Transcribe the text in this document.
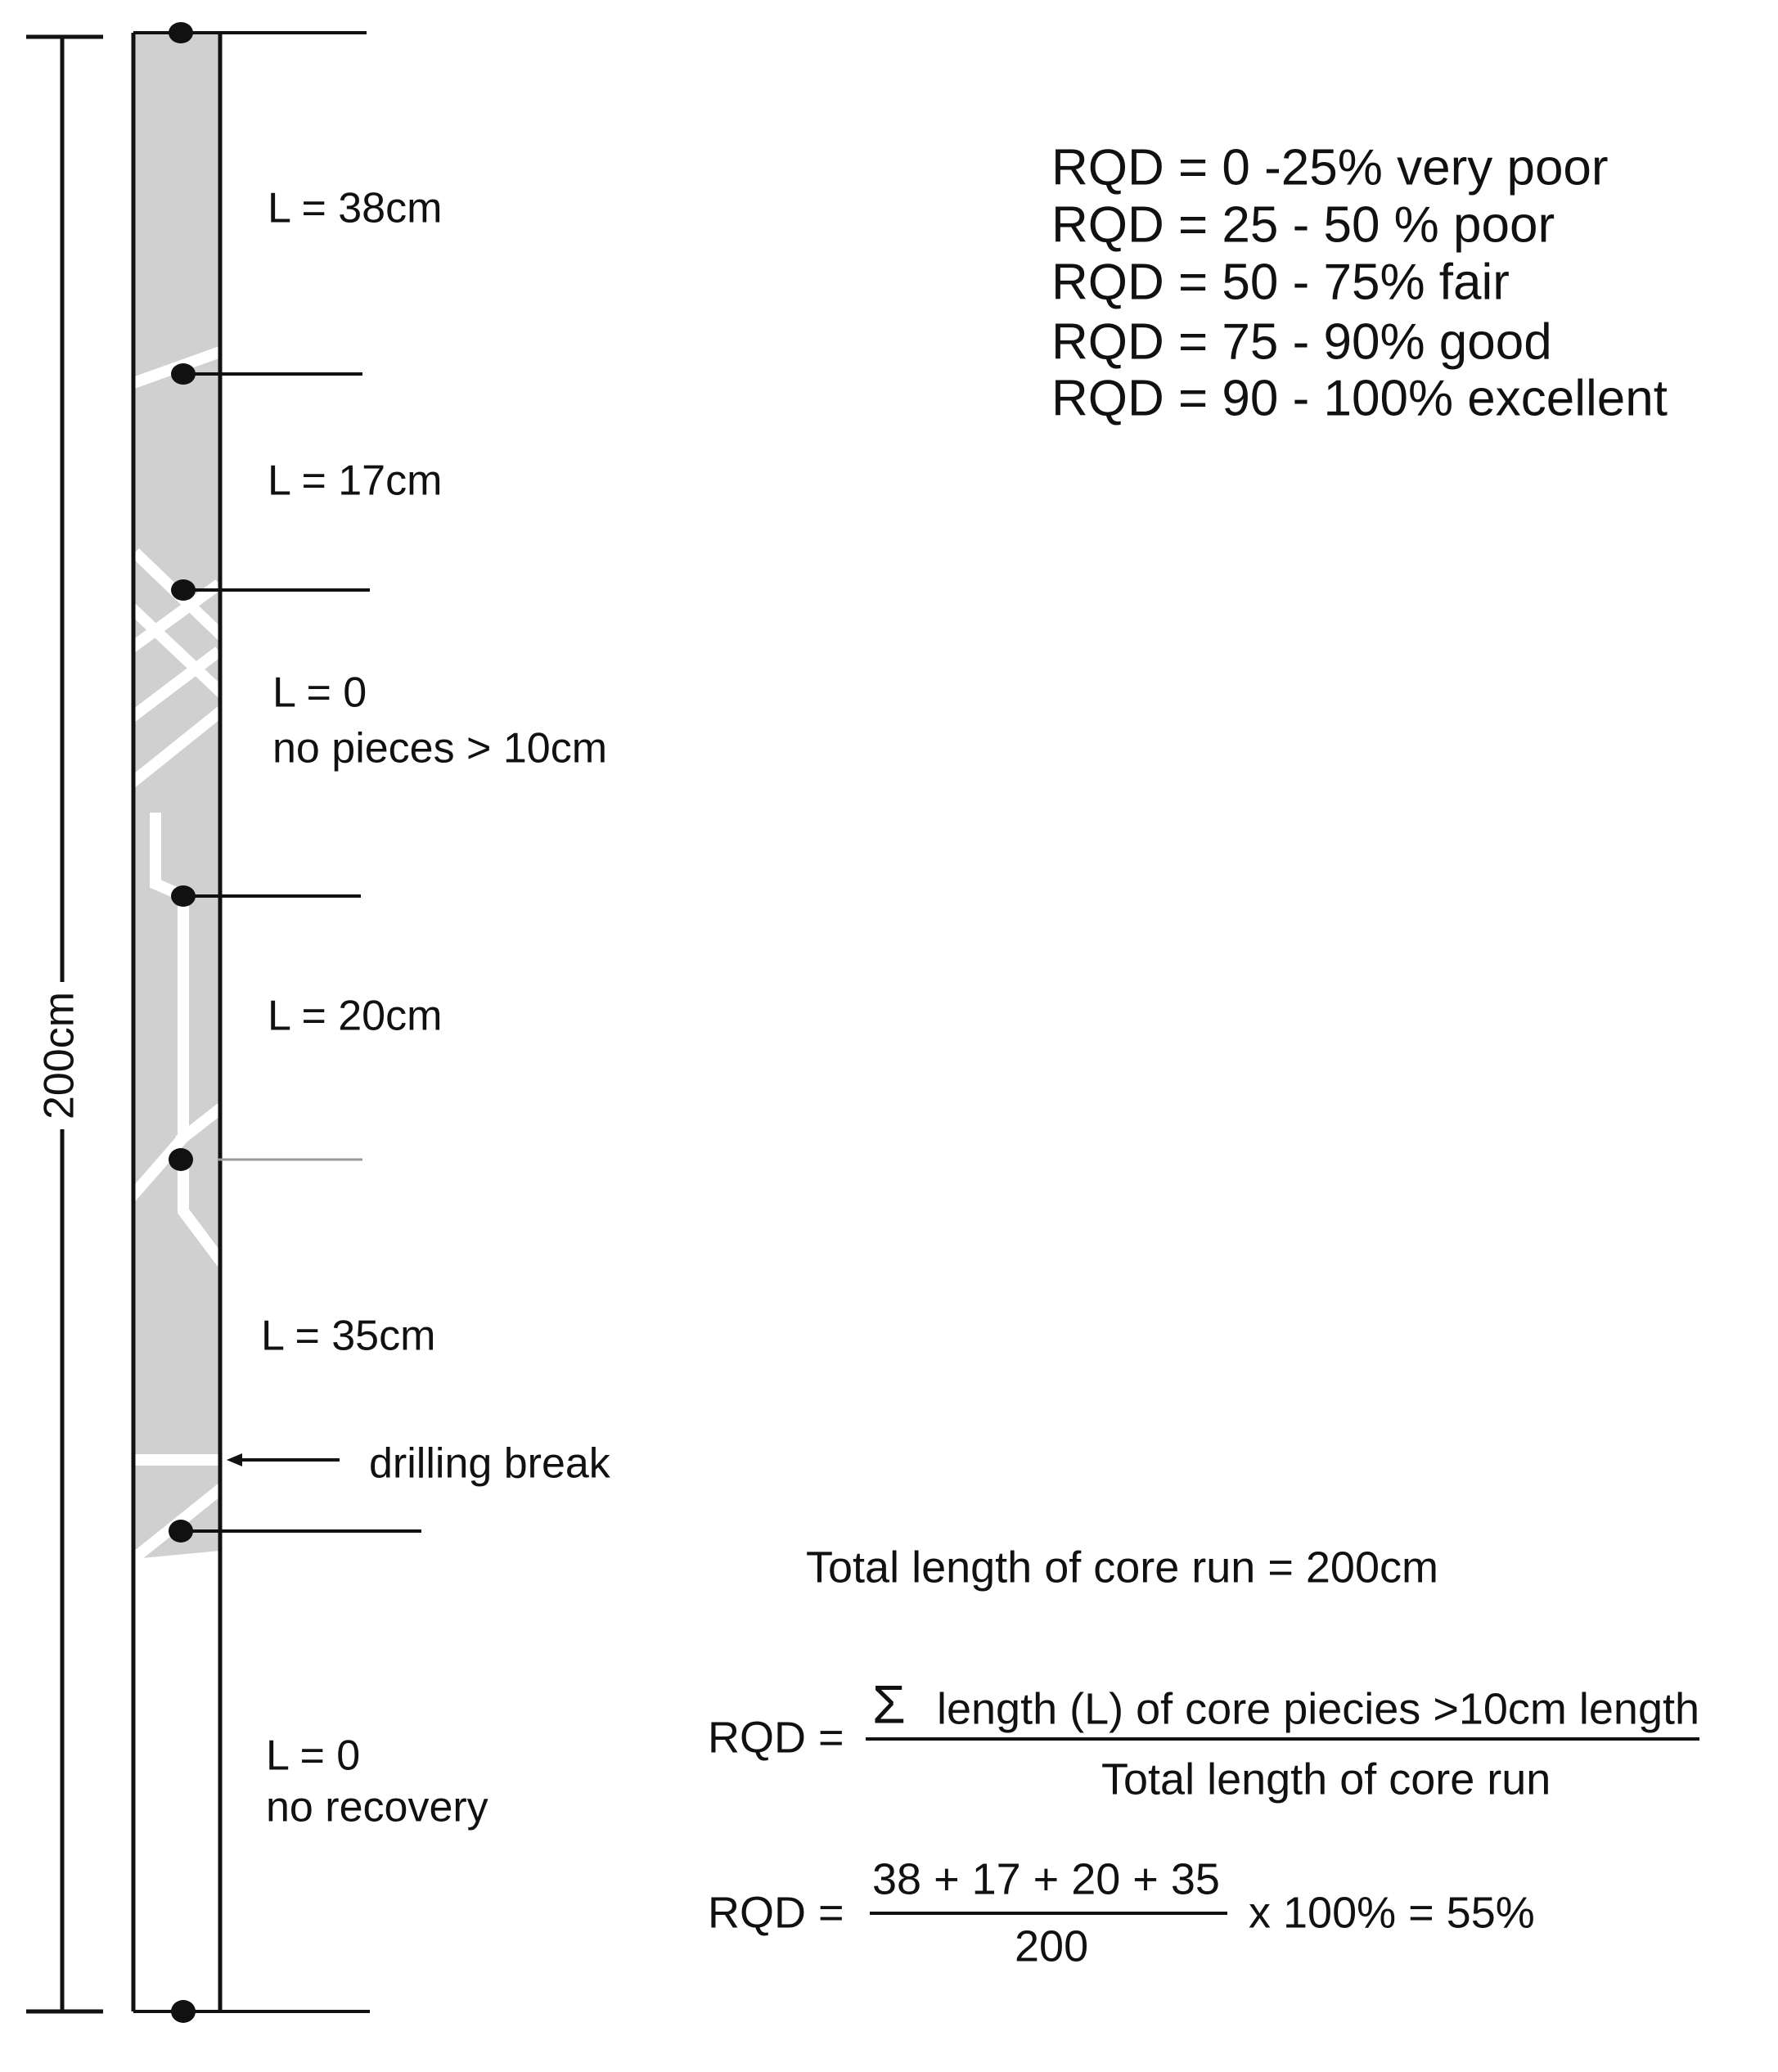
200cm
drilling break
L = 38cm
L = 17cm
L = 0
no pieces > 10cm
L = 20cm
L = 35cm
L = 0
no recovery
RQD = 0 -25% very poor
RQD = 25 - 50 % poor
RQD = 50 - 75% fair
RQD = 75 - 90% good
RQD = 90 - 100% excellent
Total length of core run = 200cm
RQD =
Σ length (L) of core piecies >10cm length
Total length of core run
RQD =
38 + 17 + 20 + 35
200
x 100% = 55%
